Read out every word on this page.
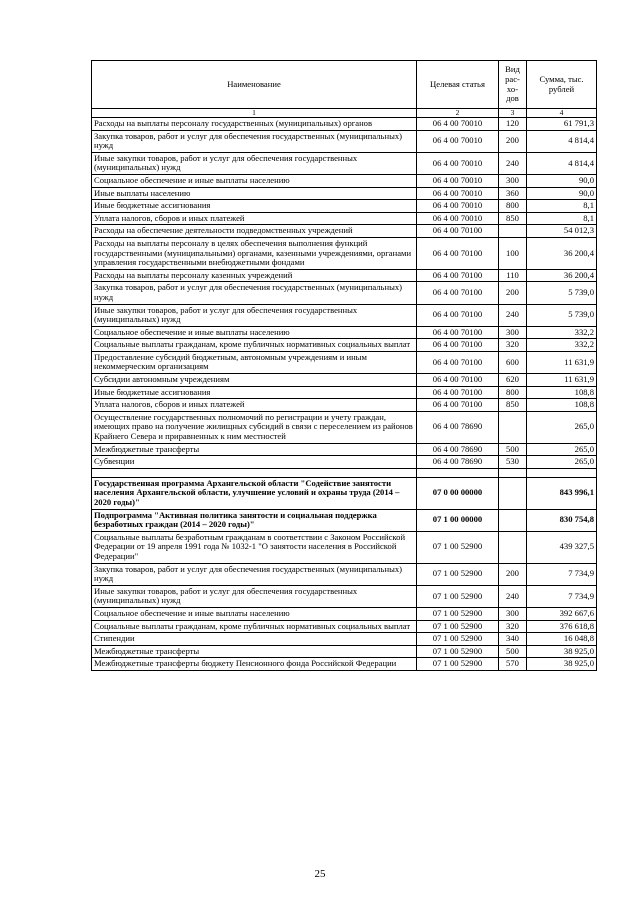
Наименование	Целевая статья	Вид рас-хо-дов	Сумма, тыс. рублей
1	2	3	4
Расходы на выплаты персоналу государственных (муниципальных) органов	06 4 00 70010	120	61 791,3
Закупка товаров, работ и услуг для обеспечения государственных (муниципальных) нужд	06 4 00 70010	200	4 814,4
Иные закупки товаров, работ и услуг для обеспечения государственных (муниципальных) нужд	06 4 00 70010	240	4 814,4
Социальное обеспечение и иные выплаты населению	06 4 00 70010	300	90,0
Иные выплаты населению	06 4 00 70010	360	90,0
Иные бюджетные ассигнования	06 4 00 70010	800	8,1
Уплата налогов, сборов и иных платежей	06 4 00 70010	850	8,1
Расходы на обеспечение деятельности подведомственных учреждений	06 4 00 70100		54 012,3
Расходы на выплаты персоналу в целях обеспечения выполнения функций государственными (муниципальными) органами, казенными учреждениями, органами управления государственными внебюджетными фондами	06 4 00 70100	100	36 200,4
Расходы на выплаты персоналу казенных учреждений	06 4 00 70100	110	36 200,4
Закупка товаров, работ и услуг для обеспечения государственных (муниципальных) нужд	06 4 00 70100	200	5 739,0
Иные закупки товаров, работ и услуг для обеспечения государственных (муниципальных) нужд	06 4 00 70100	240	5 739,0
Социальное обеспечение и иные выплаты населению	06 4 00 70100	300	332,2
Социальные выплаты гражданам, кроме публичных нормативных социальных выплат	06 4 00 70100	320	332,2
Предоставление субсидий бюджетным, автономным учреждениям и иным некоммерческим организациям	06 4 00 70100	600	11 631,9
Субсидии автономным учреждениям	06 4 00 70100	620	11 631,9
Иные бюджетные ассигнования	06 4 00 70100	800	108,8
Уплата налогов, сборов и иных платежей	06 4 00 70100	850	108,8
Осуществление государственных полномочий по регистрации и учету граждан, имеющих право на получение жилищных субсидий в связи с переселением из районов Крайнего Севера и приравненных к ним местностей	06 4 00 78690		265,0
Межбюджетные трансферты	06 4 00 78690	500	265,0
Субвенции	06 4 00 78690	530	265,0

Государственная программа Архангельской области "Содействие занятости населения Архангельской области, улучшение условий и охраны труда (2014 – 2020 годы)"	07 0 00 00000		843 996,1
Подпрограмма "Активная политика занятости и социальная поддержка безработных граждан (2014 – 2020 годы)"	07 1 00 00000		830 754,8
Социальные выплаты безработным гражданам в соответствии с Законом Российской Федерации от 19 апреля 1991 года № 1032-1 "О занятости населения в Российской Федерации"	07 1 00 52900		439 327,5
Закупка товаров, работ и услуг для обеспечения государственных (муниципальных) нужд	07 1 00 52900	200	7 734,9
Иные закупки товаров, работ и услуг для обеспечения государственных (муниципальных) нужд	07 1 00 52900	240	7 734,9
Социальное обеспечение и иные выплаты населению	07 1 00 52900	300	392 667,6
Социальные выплаты гражданам, кроме публичных нормативных социальных выплат	07 1 00 52900	320	376 618,8
Стипендии	07 1 00 52900	340	16 048,8
Межбюджетные трансферты	07 1 00 52900	500	38 925,0
Межбюджетные трансферты бюджету Пенсионного фонда Российской Федерации	07 1 00 52900	570	38 925,0
25
